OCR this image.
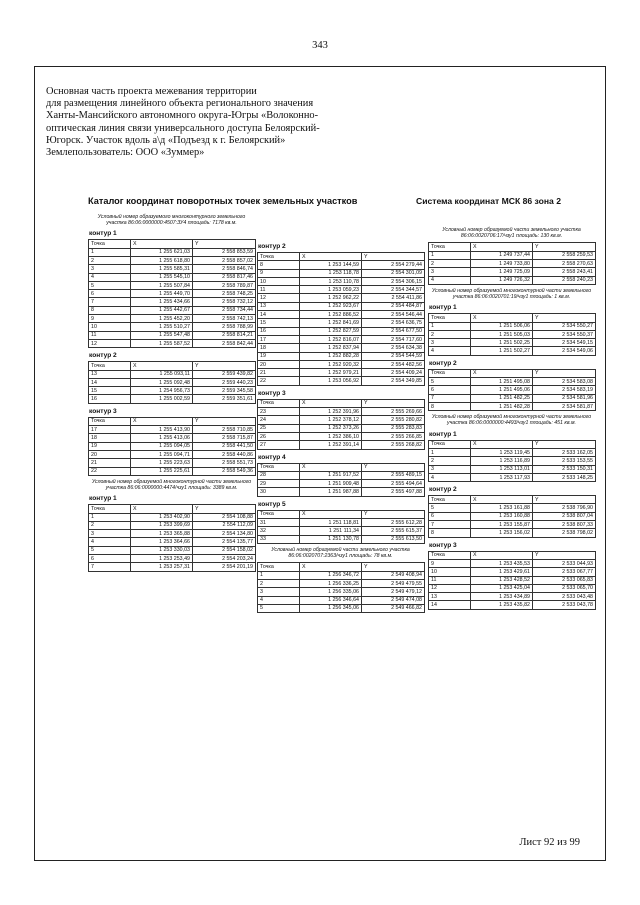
343
Основная часть проекта межевания территории
для размещения линейного объекта регионального значения
Ханты-Мансийского автономного округа-Югры «Волоконно-
оптическая линия связи универсального доступа Белоярский-
Югорск. Участок вдоль а\д «Подъезд к г. Белоярский»
Землепользователь: ООО «Зуммер»
Каталог координат поворотных точек земельных участков	Система координат МСК 86 зона 2
Условный номер образуемого многоконтурного земельного участка 86:06:0000000:4507:ЗУ4 площадь: 7178 кв.м.
контур 1
Точка	X	Y
1	1 255 621,03	2 558 853,59
2	1 255 618,80	2 558 857,02
3	1 255 585,31	2 558 846,74
4	1 255 545,10	2 558 817,46
5	1 255 507,84	2 558 789,87
6	1 255 449,70	2 558 748,25
7	1 255 434,66	2 558 732,12
8	1 255 442,67	2 558 734,44
9	1 255 452,20	2 558 742,13
10	1 255 510,27	2 558 788,99
11	1 255 547,48	2 558 814,21
12	1 255 587,52	2 558 842,44
контур 2
Точка	X	Y
13	1 255 093,11	2 559 439,82
14	1 255 092,48	2 559 440,23
15	1 254 956,73	2 559 345,58
16	1 255 002,59	2 559 351,61
контур 3
Точка	X	Y
17	1 255 413,90	2 558 710,85
18	1 255 413,06	2 558 715,87
19	1 255 094,05	2 558 441,50
20	1 255 094,71	2 558 440,86
21	1 255 223,63	2 558 551,73
22	1 255 225,61	2 558 549,36
Условный номер образуемой многоконтурной части земельного участка 86:06:0000000:4474/чзу1 площадь: 3389 кв.м.
контур 1
Точка	X	Y
1	1 253 402,90	2 554 108,88
2	1 253 399,69	2 554 112,09
3	1 253 365,88	2 554 134,80
4	1 253 364,66	2 554 135,77
5	1 253 330,03	2 554 158,02
6	1 253 253,49	2 554 203,24
7	1 253 257,31	2 554 201,19
контур 2
Точка	X	Y
8	1 253 144,59	2 554 279,44
9	1 253 118,78	2 554 301,09
10	1 253 110,78	2 554 306,15
11	1 253 059,23	2 554 344,57
12	1 252 962,22	2 554 411,86
13	1 252 923,67	2 554 484,87
14	1 252 886,52	2 554 546,44
15	1 252 841,69	2 554 636,75
16	1 252 827,59	2 554 677,50
17	1 252 816,07	2 554 717,60
18	1 252 837,94	2 554 634,38
19	1 252 882,28	2 554 544,59
20	1 252 920,32	2 554 482,56
21	1 252 979,21	2 554 409,24
22	1 253 056,92	2 554 349,85
контур 3
Точка	X	Y
23	1 252 391,96	2 555 269,66
24	1 252 378,12	2 555 280,82
25	1 252 373,26	2 555 283,83
26	1 252 386,10	2 555 266,85
27	1 252 391,14	2 555 268,82
контур 4
Точка	X	Y
28	1 251 917,52	2 555 489,15
29	1 251 909,48	2 555 494,64
30	1 251 987,88	2 555 497,88
контур 5
Точка	X	Y
31	1 251 118,81	2 555 612,28
32	1 251 111,34	2 555 615,37
33	1 251 130,78	2 555 613,50
Условный номер образуемой части земельного участка 86:06:0020707:2363/чзу1 площадь: 78 кв.м.
Точка	X	Y
1	1 256 346,72	2 549 408,94
2	1 256 336,25	2 549 479,55
3	1 256 335,06	2 549 479,12
4	1 256 346,64	2 549 474,08
5	1 256 345,06	2 549 466,82
Условный номер образуемой части земельного участка 86:06:0020706:17/чзу1 площадь: 130 кв.м.
Точка	X	Y
1	1 249 737,44	2 558 259,53
2	1 249 733,80	2 558 270,63
3	1 249 725,09	2 558 243,41
4	1 249 726,32	2 558 240,23
Условный номер образуемой многоконтурной части земельного участка 86:06:0020701:19/чзу1 площадь: 1 кв.м.
контур 1
Точка	X	Y
1	1 251 506,06	2 534 550,27
2	1 251 505,03	2 534 550,37
3	1 251 502,25	2 534 549,15
4	1 251 502,27	2 534 549,06
контур 2
Точка	X	Y
5	1 251 495,08	2 534 583,08
6	1 251 495,06	2 534 583,19
7	1 251 482,25	2 534 581,96
8	1 251 482,28	2 534 581,87
Условный номер образуемой многоконтурной части земельного участка 86:06:0000000:4493/чзу1 площадь: 451 кв.м.
контур 1
Точка	X	Y
1	1 253 119,45	2 533 162,05
2	1 253 116,89	2 533 153,55
3	1 253 113,01	2 533 150,31
4	1 253 117,93	2 533 148,25
контур 2
Точка	X	Y
5	1 253 161,88	2 538 796,90
6	1 253 160,88	2 538 807,04
7	1 253 155,87	2 538 807,33
8	1 253 156,02	2 538 798,02
контур 3
Точка	X	Y
9	1 253 435,53	2 533 044,93
10	1 253 429,61	2 533 067,77
11	1 253 428,52	2 533 065,83
12	1 253 425,04	2 533 065,70
13	1 253 434,89	2 533 043,48
14	1 253 435,82	2 533 043,78
Лист 92 из 99
